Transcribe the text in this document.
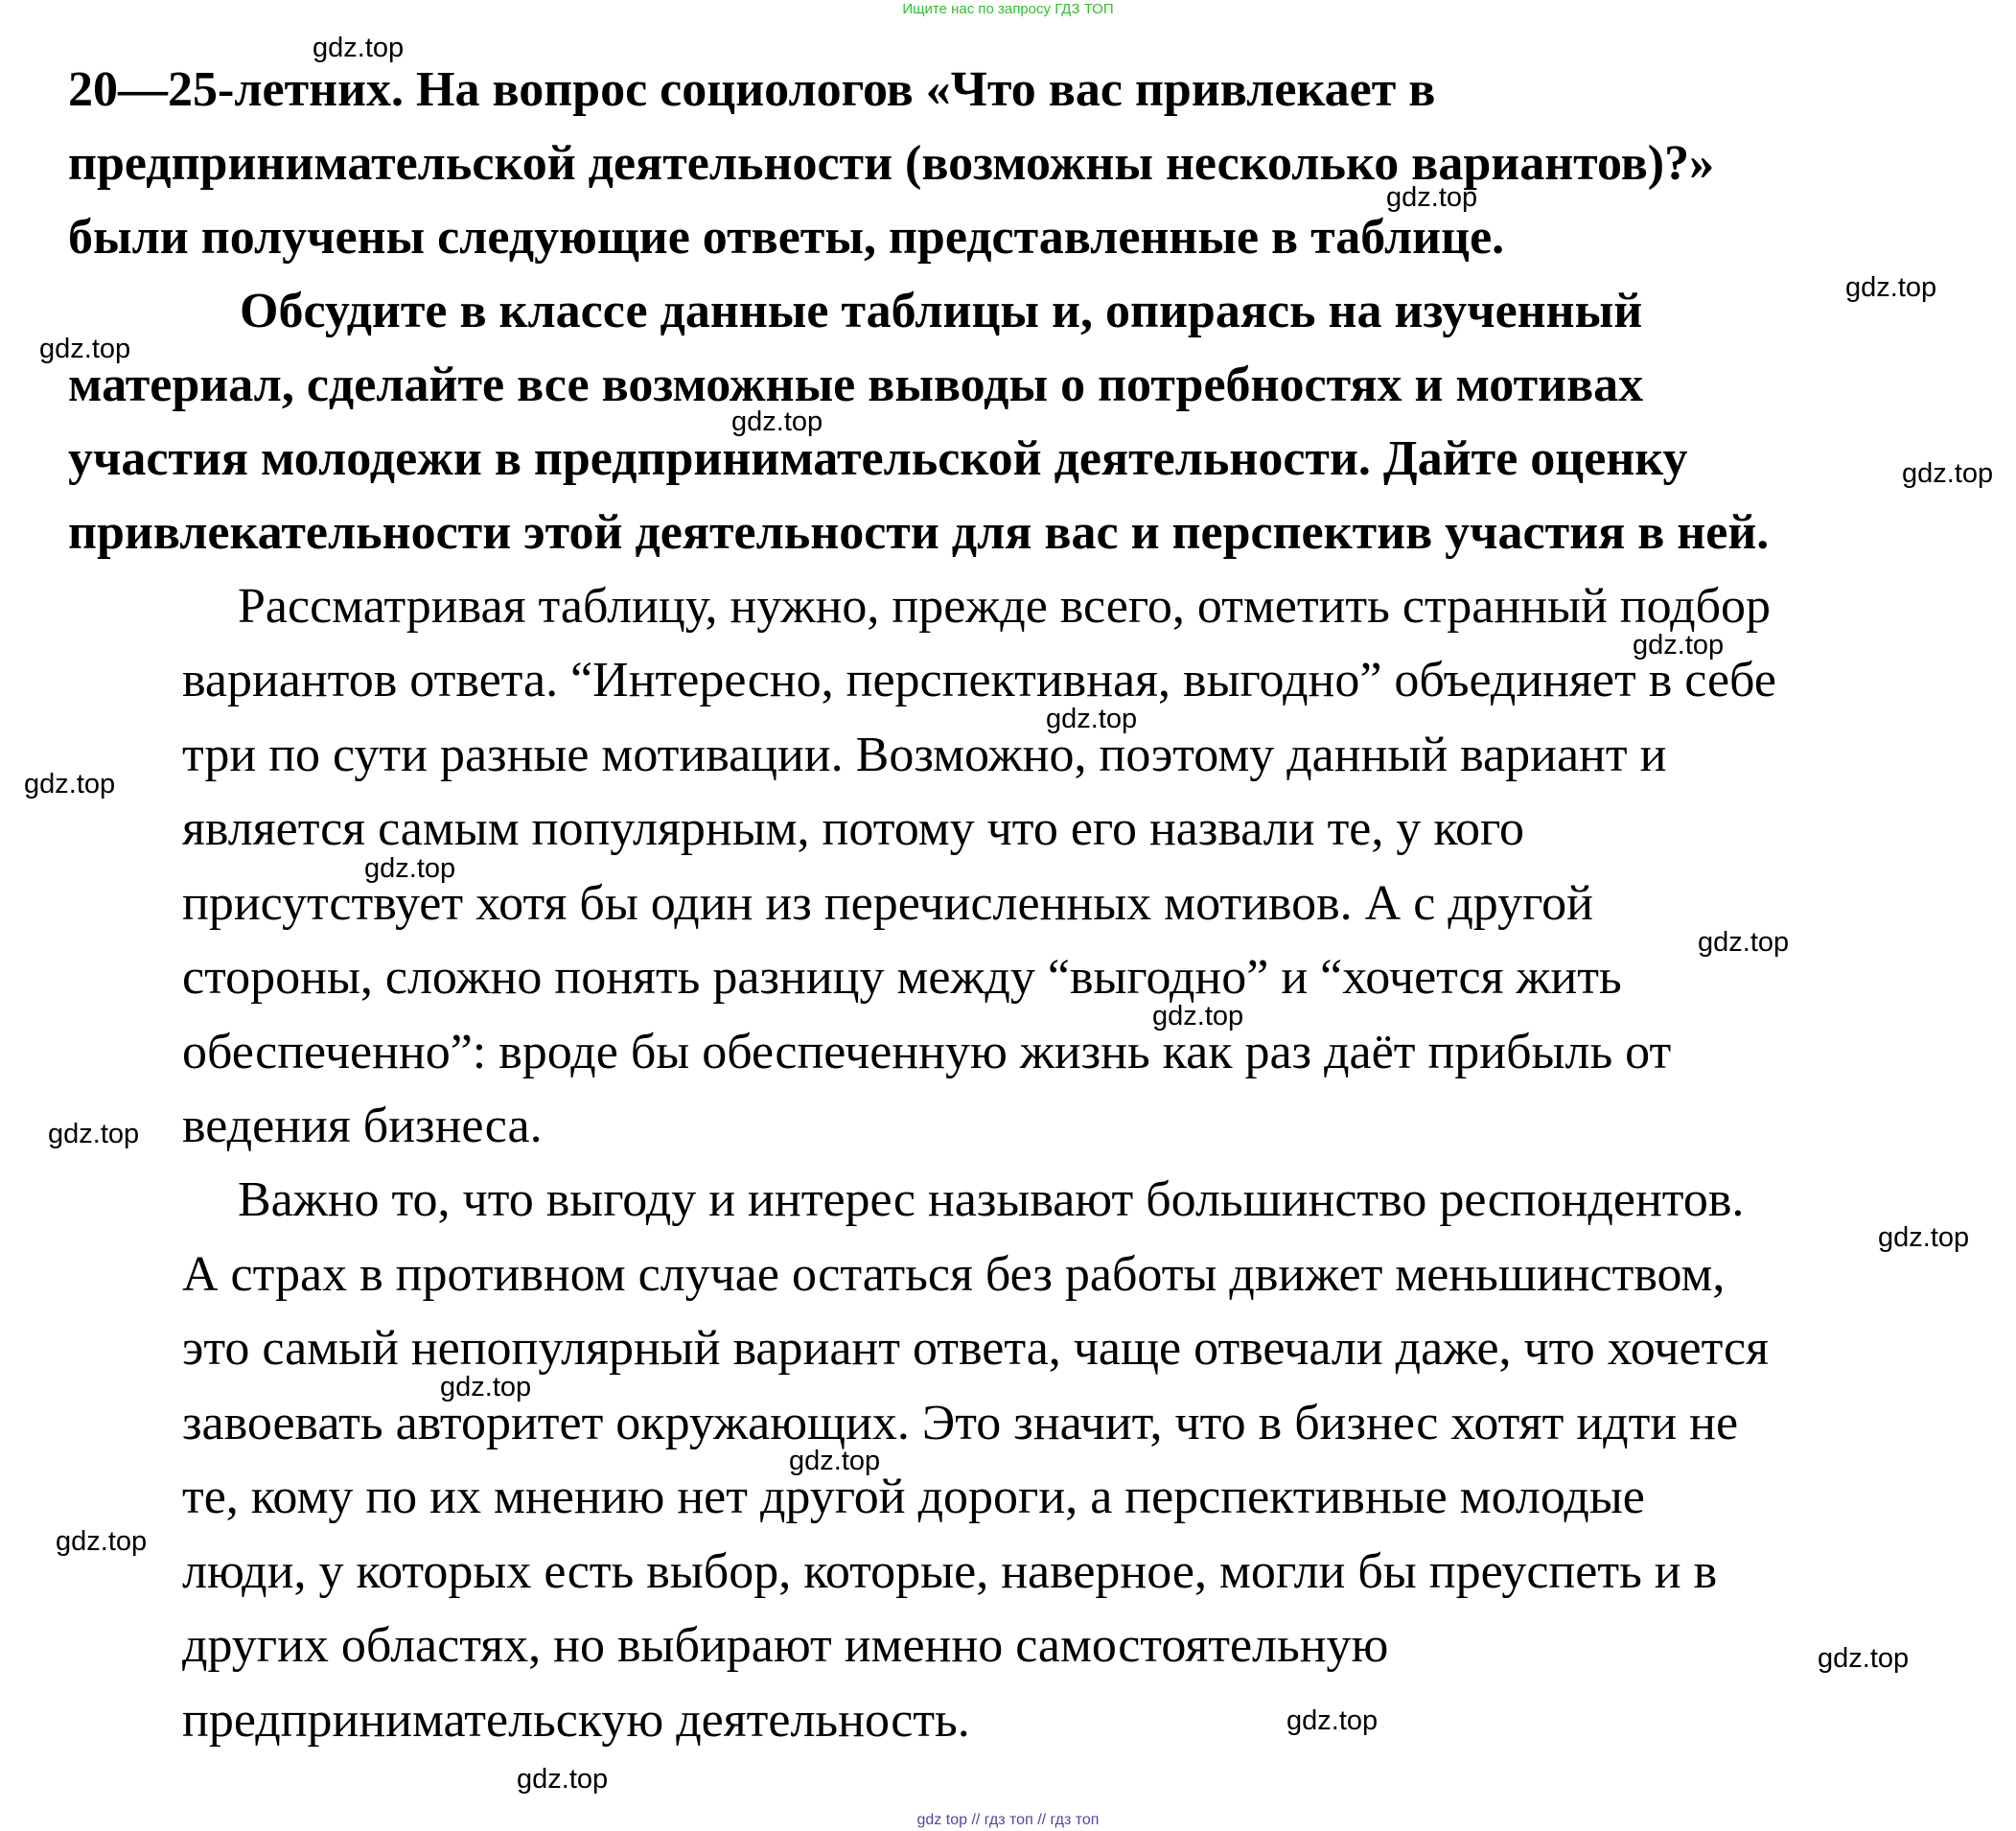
Ищите нас по запросу ГДЗ ТОП
20—25-летних. На вопрос социологов «Что вас привлекает в
предпринимательской деятельности (возможны несколько вариантов)?»
были получены следующие ответы, представленные в таблице.
Обсудите в классе данные таблицы и, опираясь на изученный
материал, сделайте все возможные выводы о потребностях и мотивах
участия молодежи в предпринимательской деятельности. Дайте оценку
привлекательности этой деятельности для вас и перспектив участия в ней.
Рассматривая таблицу, нужно, прежде всего, отметить странный подбор
вариантов ответа. “Интересно, перспективная, выгодно” объединяет в себе
три по сути разные мотивации. Возможно, поэтому данный вариант и
является самым популярным, потому что его назвали те, у кого
присутствует хотя бы один из перечисленных мотивов. А с другой
стороны, сложно понять разницу между “выгодно” и “хочется жить
обеспеченно”: вроде бы обеспеченную жизнь как раз даёт прибыль от
ведения бизнеса.
Важно то, что выгоду и интерес называют большинство респондентов.
А страх в противном случае остаться без работы движет меньшинством,
это самый непопулярный вариант ответа, чаще отвечали даже, что хочется
завоевать авторитет окружающих. Это значит, что в бизнес хотят идти не
те, кому по их мнению нет другой дороги, а перспективные молодые
люди, у которых есть выбор, которые, наверное, могли бы преуспеть и в
других областях, но выбирают именно самостоятельную
предпринимательскую деятельность.
gdz.top
gdz.top
gdz.top
gdz.top
gdz.top
gdz.top
gdz.top
gdz.top
gdz.top
gdz.top
gdz.top
gdz.top
gdz.top
gdz.top
gdz.top
gdz.top
gdz.top
gdz.top
gdz.top
gdz.top
gdz top // гдз топ // гдз топ
